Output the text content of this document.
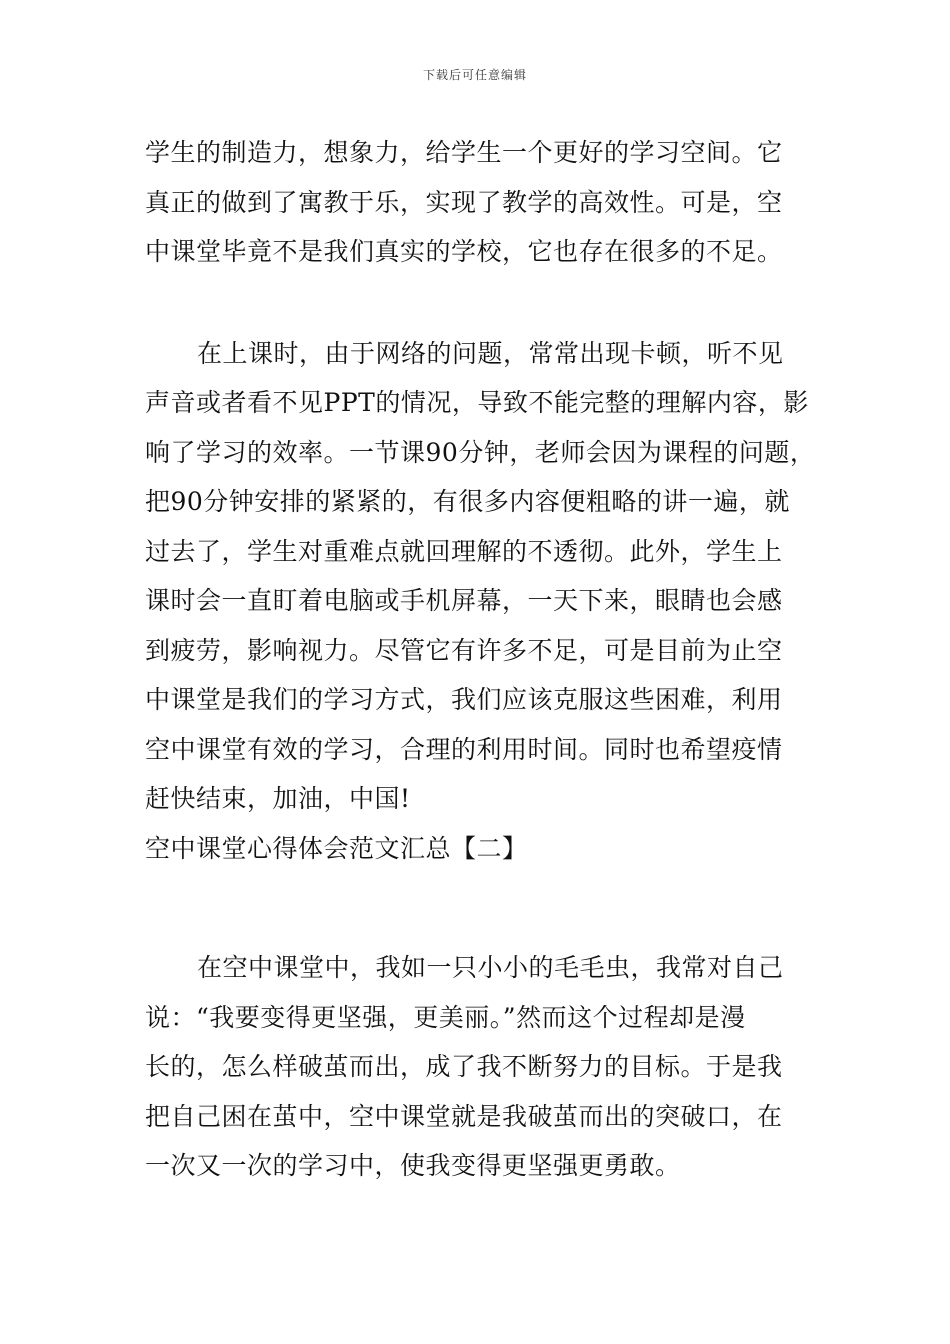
下载后可任意编辑
学生的制造力，想象力，给学生一个更好的学习空间。它
真正的做到了寓教于乐，实现了教学的高效性。可是，空
中课堂毕竟不是我们真实的学校，它也存在很多的不足。
在上课时，由于网络的问题，常常出现卡顿，听不见
声音或者看不见PPT的情况，导致不能完整的理解内容，影
响了学习的效率。一节课90分钟，老师会因为课程的问题，
把90分钟安排的紧紧的，有很多内容便粗略的讲一遍，就
过去了，学生对重难点就回理解的不透彻。此外，学生上
课时会一直盯着电脑或手机屏幕，一天下来，眼睛也会感
到疲劳，影响视力。尽管它有许多不足，可是目前为止空
中课堂是我们的学习方式，我们应该克服这些困难，利用
空中课堂有效的学习，合理的利用时间。同时也希望疫情
赶快结束，加油，中国!
空中课堂心得体会范文汇总【二】
在空中课堂中，我如一只小小的毛毛虫，我常对自己
说：“我要变得更坚强，更美丽。”然而这个过程却是漫
长的，怎么样破茧而出，成了我不断努力的目标。于是我
把自己困在茧中，空中课堂就是我破茧而出的突破口，在
一次又一次的学习中，使我变得更坚强更勇敢。
